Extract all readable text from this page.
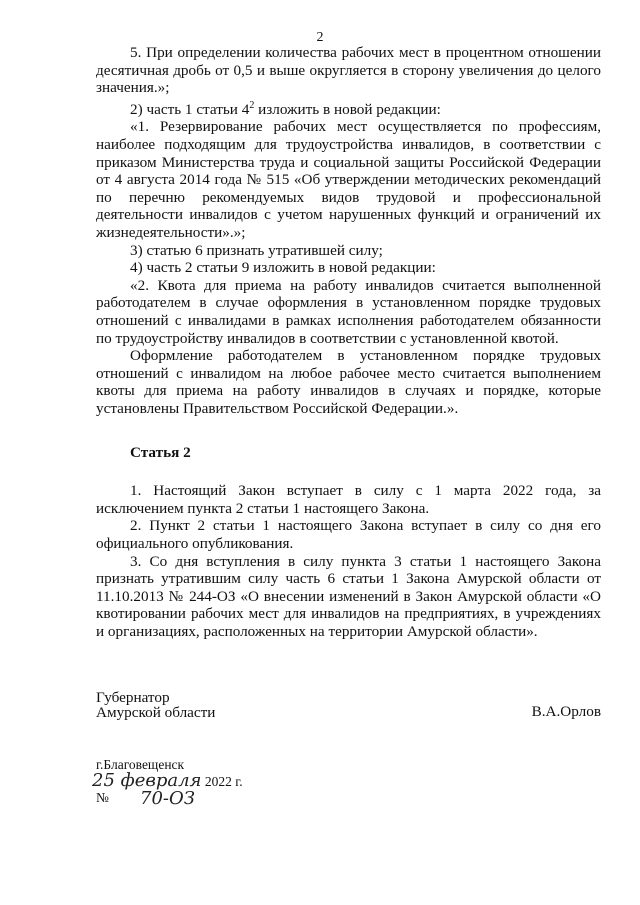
2

5. При определении количества рабочих мест в процентном отношении десятичная дробь от 0,5 и выше округляется в сторону увеличения до целого значения.»;

2) часть 1 статьи $4^2$ изложить в новой редакции:

«1. Резервирование рабочих мест осуществляется по профессиям, наиболее подходящим для трудоустройства инвалидов, в соответствии с приказом Министерства труда и социальной защиты Российской Федерации от 4 августа 2014 года № 515 «Об утверждении методических рекомендаций по перечню рекомендуемых видов трудовой и профессиональной деятельности инвалидов с учетом нарушенных функций и ограничений их жизнедеятельности».»;

3) статью 6 признать утратившей силу;

4) часть 2 статьи 9 изложить в новой редакции:

«2. Квота для приема на работу инвалидов считается выполненной работодателем в случае оформления в установленном порядке трудовых отношений с инвалидами в рамках исполнения работодателем обязанности по трудоустройству инвалидов в соответствии с установленной квотой.

Оформление работодателем в установленном порядке трудовых отношений с инвалидом на любое рабочее место считается выполнением квоты для приема на работу инвалидов в случаях и порядке, которые установлены Правительством Российской Федерации.».

Статья 2

1. Настоящий Закон вступает в силу с 1 марта 2022 года, за исключением пункта 2 статьи 1 настоящего Закона.

2. Пункт 2 статьи 1 настоящего Закона вступает в силу со дня его официального опубликования.

3. Со дня вступления в силу пункта 3 статьи 1 настоящего Закона признать утратившим силу часть 6 статьи 1 Закона Амурской области от 11.10.2013 № 244-ОЗ «О внесении изменений в Закон Амурской области «О квотировании рабочих мест для инвалидов на предприятиях, в учреждениях и организациях, расположенных на территории Амурской области».

Губернатор
Амурской области	В.А.Орлов
г.Благовещенск
25 февраля 2022 г.
№ 70-ОЗ
